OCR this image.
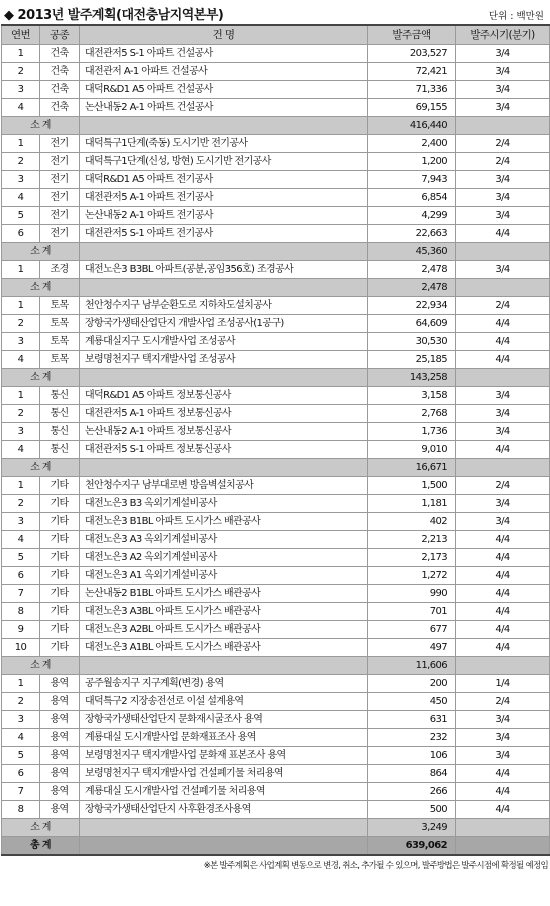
◆ 2013년 발주계획(대전충남지역본부)	단위 : 백만원
연번	공종	건 명	발주금액	발주시기(분기)
1	건축	대전관저5 S-1 아파트 건설공사	203,527	3/4
2	건축	대전관저 A-1 아파트 건설공사	72,421	3/4
3	건축	대덕R&D1 A5 아파트 건설공사	71,336	3/4
4	건축	논산내동2 A-1 아파트 건설공사	69,155	3/4
소 계			416,440	
1	전기	대덕특구1단계(죽동) 도시기반 전기공사	2,400	2/4
2	전기	대덕특구1단계(신성, 방현) 도시기반 전기공사	1,200	2/4
3	전기	대덕R&D1 A5 아파트 전기공사	7,943	3/4
4	전기	대전관저5 A-1 아파트 전기공사	6,854	3/4
5	전기	논산내동2 A-1 아파트 전기공사	4,299	3/4
6	전기	대전관저5 S-1 아파트 전기공사	22,663	4/4
소 계			45,360	
1	조경	대전노은3 B3BL 아파트(공분,공임356호) 조경공사	2,478	3/4
소 계			2,478	
1	토목	천안청수지구 남부순환도로 지하차도설치공사	22,934	2/4
2	토목	장항국가생태산업단지 개발사업 조성공사(1공구)	64,609	4/4
3	토목	계룡대실지구 도시개발사업 조성공사	30,530	4/4
4	토목	보령명천지구 택지개발사업 조성공사	25,185	4/4
소 계			143,258	
1	통신	대덕R&D1 A5 아파트 정보통신공사	3,158	3/4
2	통신	대전관저5 A-1 아파트 정보통신공사	2,768	3/4
3	통신	논산내동2 A-1 아파트 정보통신공사	1,736	3/4
4	통신	대전관저5 S-1 아파트 정보통신공사	9,010	4/4
소 계			16,671	
1	기타	천안청수지구 남부대로변 방음벽설치공사	1,500	2/4
2	기타	대전노은3 B3 옥외기계설비공사	1,181	3/4
3	기타	대전노은3 B1BL 아파트 도시가스 배관공사	402	3/4
4	기타	대전노은3 A3 옥외기계설비공사	2,213	4/4
5	기타	대전노은3 A2 옥외기계설비공사	2,173	4/4
6	기타	대전노은3 A1 옥외기계설비공사	1,272	4/4
7	기타	논산내동2 B1BL 아파트 도시가스 배관공사	990	4/4
8	기타	대전노은3 A3BL 아파트 도시가스 배관공사	701	4/4
9	기타	대전노은3 A2BL 아파트 도시가스 배관공사	677	4/4
10	기타	대전노은3 A1BL 아파트 도시가스 배관공사	497	4/4
소 계			11,606	
1	용역	공주월송지구 지구계획(변경) 용역	200	1/4
2	용역	대덕특구2 지장송전선로 이설 설계용역	450	2/4
3	용역	장항국가생태산업단지 문화재시굴조사 용역	631	3/4
4	용역	계룡대실 도시개발사업 문화재표조사 용역	232	3/4
5	용역	보령명천지구 택지개발사업 문화재 표본조사 용역	106	3/4
6	용역	보령명천지구 택지개발사업 건설폐기물 처리용역	864	4/4
7	용역	계룡대실 도시개발사업 건설폐기물 처리용역	266	4/4
8	용역	장항국가생태산업단지 사후환경조사용역	500	4/4
소 계			3,249	
총 계			639,062	
※본 발주계획은 사업계획 변동으로 변경, 취소, 추가될 수 있으며, 발주방법은 발주시점에 확정될 예정임
